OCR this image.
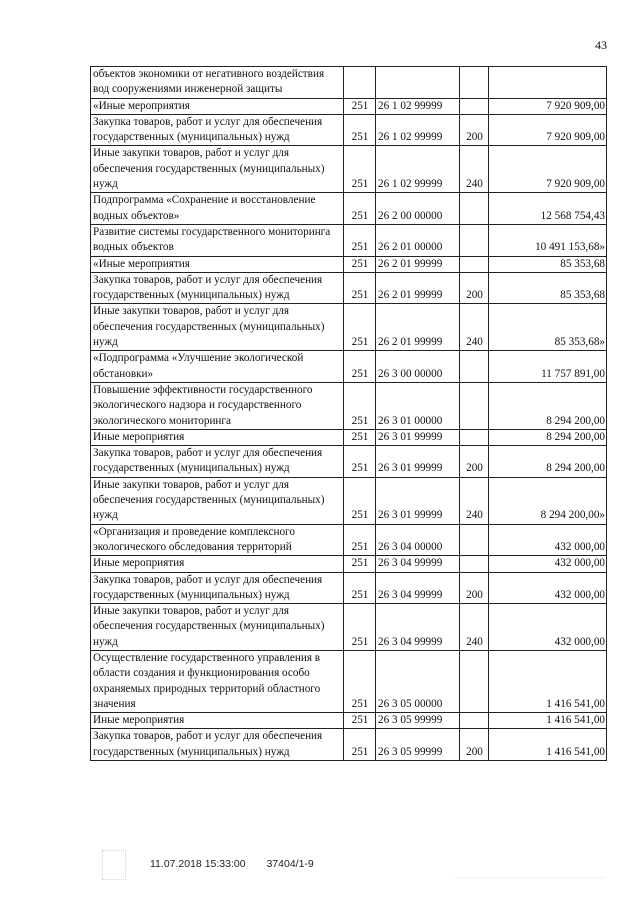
43
объектов экономики от негативного воздействия вод сооружениями инженерной защиты				
«Иные мероприятия	251	26 1 02 99999		7 920 909,00
Закупка товаров, работ и услуг для обеспечения государственных (муниципальных) нужд	251	26 1 02 99999	200	7 920 909,00
Иные закупки товаров, работ и услуг для обеспечения государственных (муниципальных) нужд	251	26 1 02 99999	240	7 920 909,00
Подпрограмма «Сохранение и восстановление водных объектов»	251	26 2 00 00000		12 568 754,43
Развитие системы государственного мониторинга водных объектов	251	26 2 01 00000		10 491 153,68»
«Иные мероприятия	251	26 2 01 99999		85 353,68
Закупка товаров, работ и услуг для обеспечения государственных (муниципальных) нужд	251	26 2 01 99999	200	85 353,68
Иные закупки товаров, работ и услуг для обеспечения государственных (муниципальных) нужд	251	26 2 01 99999	240	85 353,68»
«Подпрограмма «Улучшение экологической обстановки»	251	26 3 00 00000		11 757 891,00
Повышение эффективности государственного экологического надзора и государственного экологического мониторинга	251	26 3 01 00000		8 294 200,00
Иные мероприятия	251	26 3 01 99999		8 294 200,00
Закупка товаров, работ и услуг для обеспечения государственных (муниципальных) нужд	251	26 3 01 99999	200	8 294 200,00
Иные закупки товаров, работ и услуг для обеспечения государственных (муниципальных) нужд	251	26 3 01 99999	240	8 294 200,00»
«Организация и проведение комплексного экологического обследования территорий	251	26 3 04 00000		432 000,00
Иные мероприятия	251	26 3 04 99999		432 000,00
Закупка товаров, работ и услуг для обеспечения государственных (муниципальных) нужд	251	26 3 04 99999	200	432 000,00
Иные закупки товаров, работ и услуг для обеспечения государственных (муниципальных) нужд	251	26 3 04 99999	240	432 000,00
Осуществление государственного управления в области создания и функционирования особо охраняемых природных территорий областного значения	251	26 3 05 00000		1 416 541,00
Иные мероприятия	251	26 3 05 99999		1 416 541,00
Закупка товаров, работ и услуг для обеспечения государственных (муниципальных) нужд	251	26 3 05 99999	200	1 416 541,00
11.07.2018 15:33:00 37404/1-9
